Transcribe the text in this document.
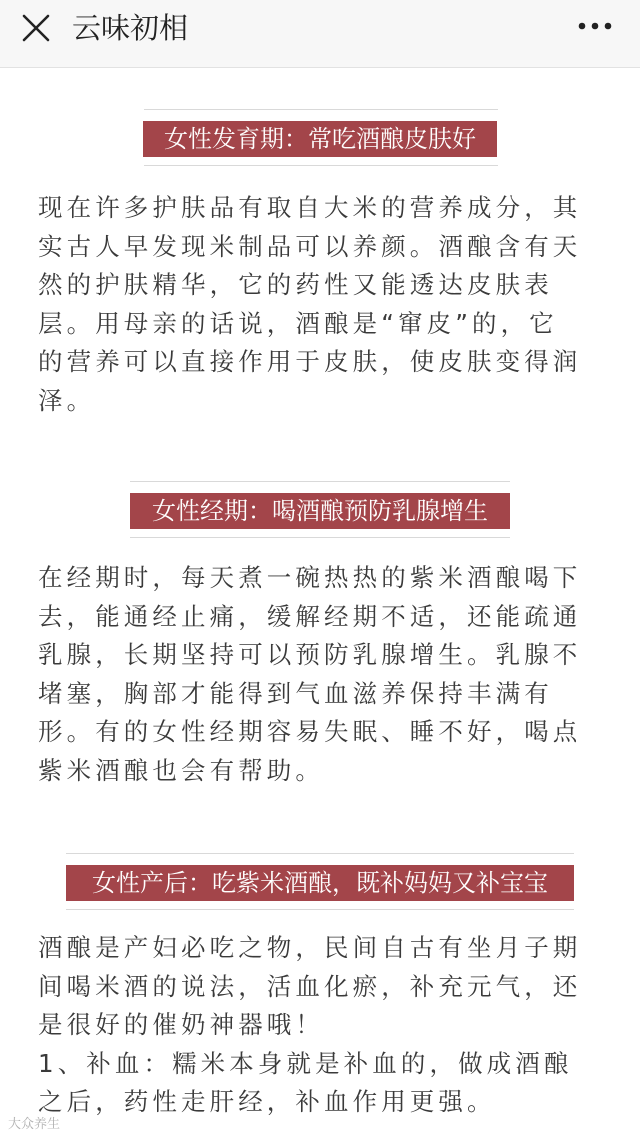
云味初相
女性发育期：常吃酒酿皮肤好
现在许多护肤品有取自大米的营养成分，其
实古人早发现米制品可以养颜。酒酿含有天
然的护肤精华，它的药性又能透达皮肤表
层。用母亲的话说，酒酿是“窜皮”的，它
的营养可以直接作用于皮肤，使皮肤变得润
泽。
女性经期：喝酒酿预防乳腺增生
在经期时，每天煮一碗热热的紫米酒酿喝下
去，能通经止痛，缓解经期不适，还能疏通
乳腺，长期坚持可以预防乳腺增生。乳腺不
堵塞，胸部才能得到气血滋养保持丰满有
形。有的女性经期容易失眠、睡不好，喝点
紫米酒酿也会有帮助。
女性产后：吃紫米酒酿，既补妈妈又补宝宝
酒酿是产妇必吃之物，民间自古有坐月子期
间喝米酒的说法，活血化瘀，补充元气，还
是很好的催奶神器哦！
1、补血：糯米本身就是补血的，做成酒酿
之后，药性走肝经，补血作用更强。
大众养生
